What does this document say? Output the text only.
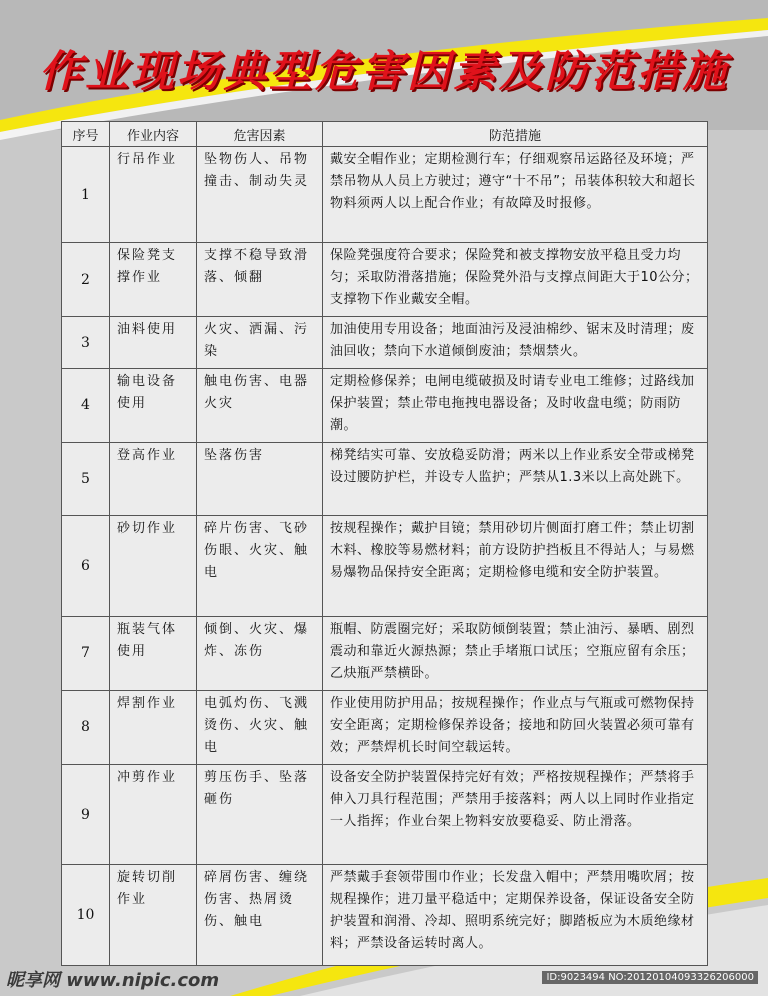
作业现场典型危害因素及防范措施
序号	作业内容	危害因素	防范措施
1	行吊作业	坠物伤人、吊物撞击、制动失灵	戴安全帽作业；定期检测行车；仔细观察吊运路径及环境；严禁吊物从人员上方驶过；遵守“十不吊”；吊装体积较大和超长物料须两人以上配合作业；有故障及时报修。
2	保险凳支撑作业	支撑不稳导致滑落、倾翻	保险凳强度符合要求；保险凳和被支撑物安放平稳且受力均匀；采取防滑落措施；保险凳外沿与支撑点间距大于10公分；支撑物下作业戴安全帽。
3	油料使用	火灾、洒漏、污染	加油使用专用设备；地面油污及浸油棉纱、锯末及时清理；废油回收；禁向下水道倾倒废油；禁烟禁火。
4	输电设备使用	触电伤害、电器火灾	定期检修保养；电闸电缆破损及时请专业电工维修；过路线加保护装置；禁止带电拖拽电器设备；及时收盘电缆；防雨防潮。
5	登高作业	坠落伤害	梯凳结实可靠、安放稳妥防滑；两米以上作业系安全带或梯凳设过腰防护栏，并设专人监护；严禁从1.3米以上高处跳下。
6	砂切作业	碎片伤害、飞砂伤眼、火灾、触电	按规程操作；戴护目镜；禁用砂切片侧面打磨工件；禁止切割木料、橡胶等易燃材料；前方设防护挡板且不得站人；与易燃易爆物品保持安全距离；定期检修电缆和安全防护装置。
7	瓶装气体使用	倾倒、火灾、爆炸、冻伤	瓶帽、防震圈完好；采取防倾倒装置；禁止油污、暴晒、剧烈震动和靠近火源热源；禁止手堵瓶口试压；空瓶应留有余压；乙炔瓶严禁横卧。
8	焊割作业	电弧灼伤、飞溅烫伤、火灾、触电	作业使用防护用品；按规程操作；作业点与气瓶或可燃物保持安全距离；定期检修保养设备；接地和防回火装置必须可靠有效；严禁焊机长时间空载运转。
9	冲剪作业	剪压伤手、坠落砸伤	设备安全防护装置保持完好有效；严格按规程操作；严禁将手伸入刀具行程范围；严禁用手接落料；两人以上同时作业指定一人指挥；作业台架上物料安放要稳妥、防止滑落。
10	旋转切削作业	碎屑伤害、缠绕伤害、热屑烫伤、触电	严禁戴手套领带围巾作业；长发盘入帽中；严禁用嘴吹屑；按规程操作；进刀量平稳适中；定期保养设备，保证设备安全防护装置和润滑、冷却、照明系统完好；脚踏板应为木质绝缘材料；严禁设备运转时离人。
昵享网 www.nipic.com	ID:9023494 NO:20120104093326206000
